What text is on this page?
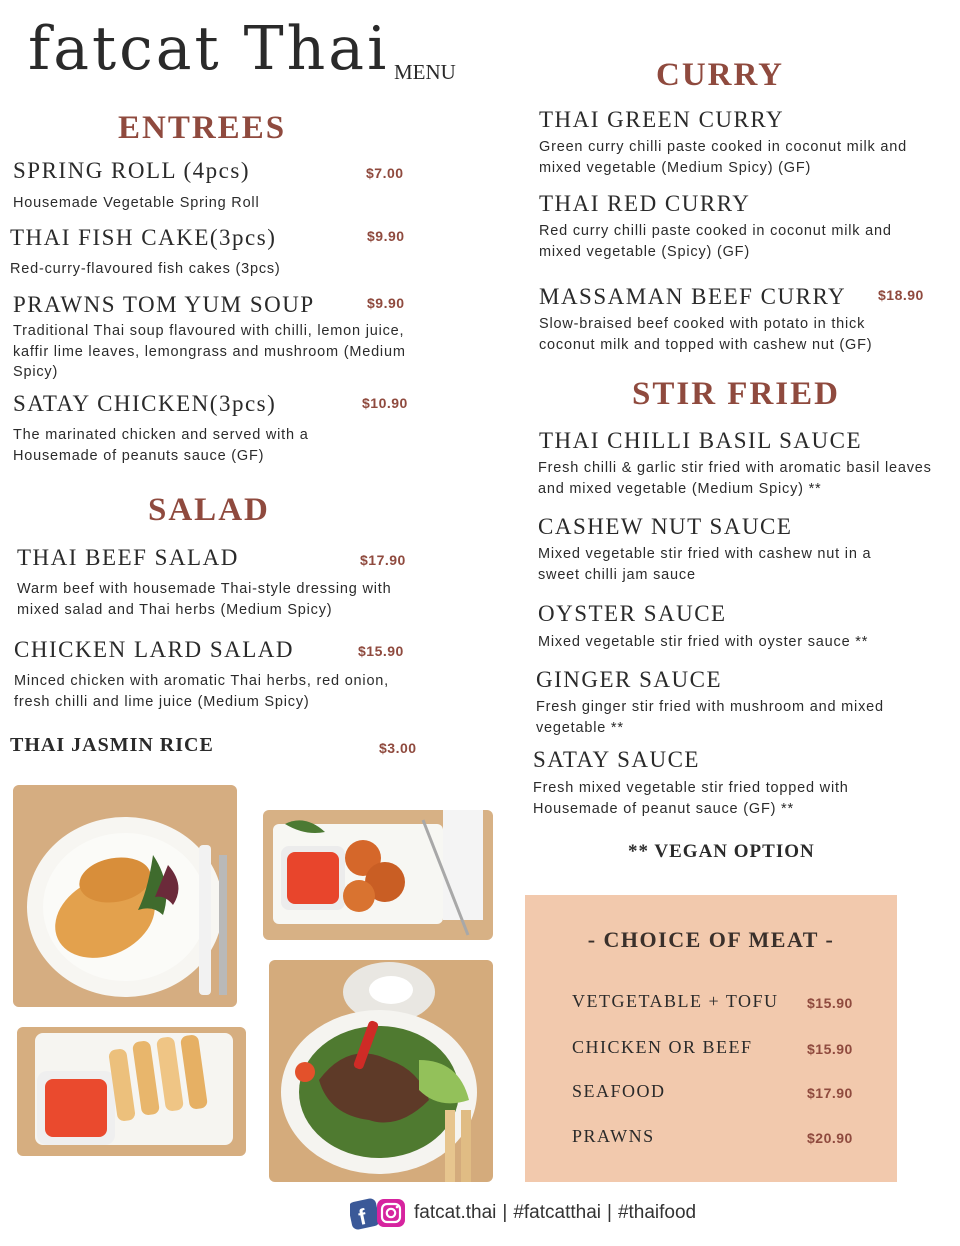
fatcat Thai MENU
ENTREES
SPRING ROLL (4pcs)	$7.00
Housemade Vegetable Spring Roll
THAI FISH CAKE(3pcs)	$9.90
Red-curry-flavoured fish cakes (3pcs)
PRAWNS TOM YUM SOUP	$9.90
Traditional Thai soup flavoured with chilli, lemon juice, kaffir lime leaves, lemongrass and mushroom (Medium Spicy)
SATAY CHICKEN(3pcs)	$10.90
The marinated chicken and served with a Housemade of peanuts sauce (GF)
SALAD
THAI BEEF SALAD	$17.90
Warm beef with housemade Thai-style dressing with mixed salad and Thai herbs (Medium Spicy)
CHICKEN LARD SALAD	$15.90
Minced chicken with aromatic Thai herbs, red onion, fresh chilli and lime juice (Medium Spicy)
THAI JASMIN RICE	$3.00
CURRY
THAI GREEN CURRY
Green curry chilli paste cooked in coconut milk and mixed vegetable (Medium Spicy) (GF)
THAI RED CURRY
Red curry chilli paste cooked in coconut milk and mixed vegetable (Spicy) (GF)
MASSAMAN BEEF CURRY $18.90
Slow-braised beef cooked with potato in thick coconut milk and topped with cashew nut (GF)
STIR FRIED
THAI CHILLI BASIL SAUCE
Fresh chilli & garlic stir fried with aromatic basil leaves and mixed vegetable (Medium Spicy) **
CASHEW NUT SAUCE
Mixed vegetable stir fried with cashew nut in a sweet chilli jam sauce
OYSTER SAUCE
Mixed vegetable stir fried with oyster sauce **
GINGER SAUCE
Fresh ginger stir fried with mushroom and mixed vegetable **
SATAY SAUCE
Fresh mixed vegetable stir fried topped with Housemade of peanut sauce (GF) **
** VEGAN OPTION
- CHOICE OF MEAT -
VETGETABLE + TOFU $15.90
CHICKEN OR BEEF	$15.90
SEAFOOD	$17.90
PRAWNS	$20.90
f fatcat.thai | #fatcatthai | #thaifood
